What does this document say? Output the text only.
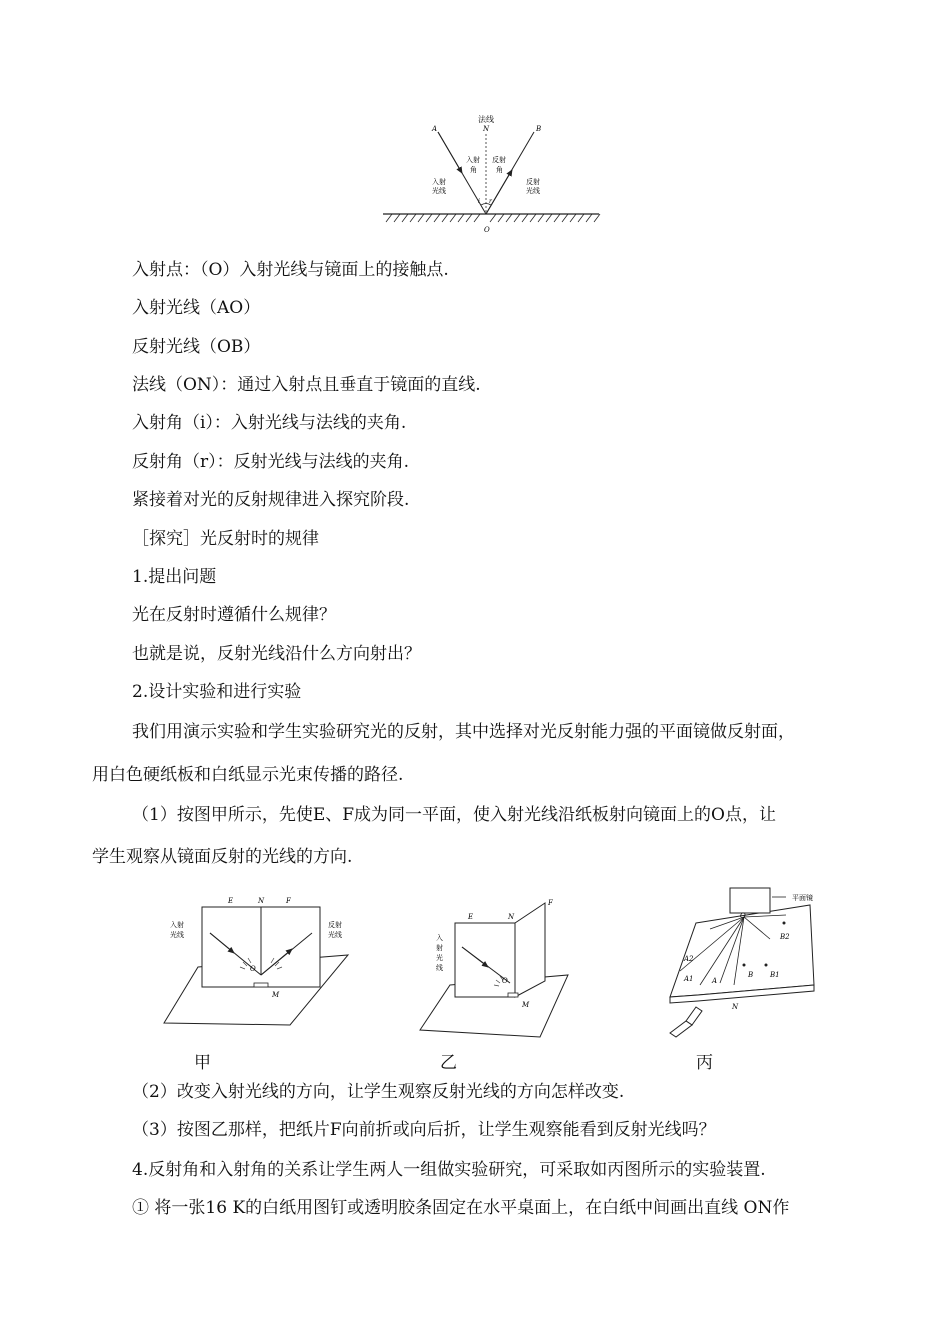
法线
N
A	B
O
入射
角
反射
角
入射
光线
反射
光线
i r
入射点：（O）入射光线与镜面上的接触点.
入射光线（AO）
反射光线（OB）
法线（ON）：通过入射点且垂直于镜面的直线.
入射角（i）：入射光线与法线的夹角.
反射角（r）：反射光线与法线的夹角.
紧接着对光的反射规律进入探究阶段.
［探究］光反射时的规律
1.提出问题
光在反射时遵循什么规律？
也就是说，反射光线沿什么方向射出？
2.设计实验和进行实验
我们用演示实验和学生实验研究光的反射，其中选择对光反射能力强的平面镜做反射面，
用白色硬纸板和白纸显示光束传播的路径.
（1）按图甲所示，先使E、F成为同一平面，使入射光线沿纸板射向镜面上的O点，让
学生观察从镜面反射的光线的方向.
E	N	F
O
M
入射
光线
反射
光线
E	N
F
O
M
入
射
光
线
平面镜
O
A2
A1	A
B B1
B2
N
甲	乙	丙
（2）改变入射光线的方向，让学生观察反射光线的方向怎样改变.
（3）按图乙那样，把纸片F向前折或向后折，让学生观察能看到反射光线吗？
4.反射角和入射角的关系让学生两人一组做实验研究，可采取如丙图所示的实验装置.
① 将一张16 K的白纸用图钉或透明胶条固定在水平桌面上，在白纸中间画出直线 ON作
